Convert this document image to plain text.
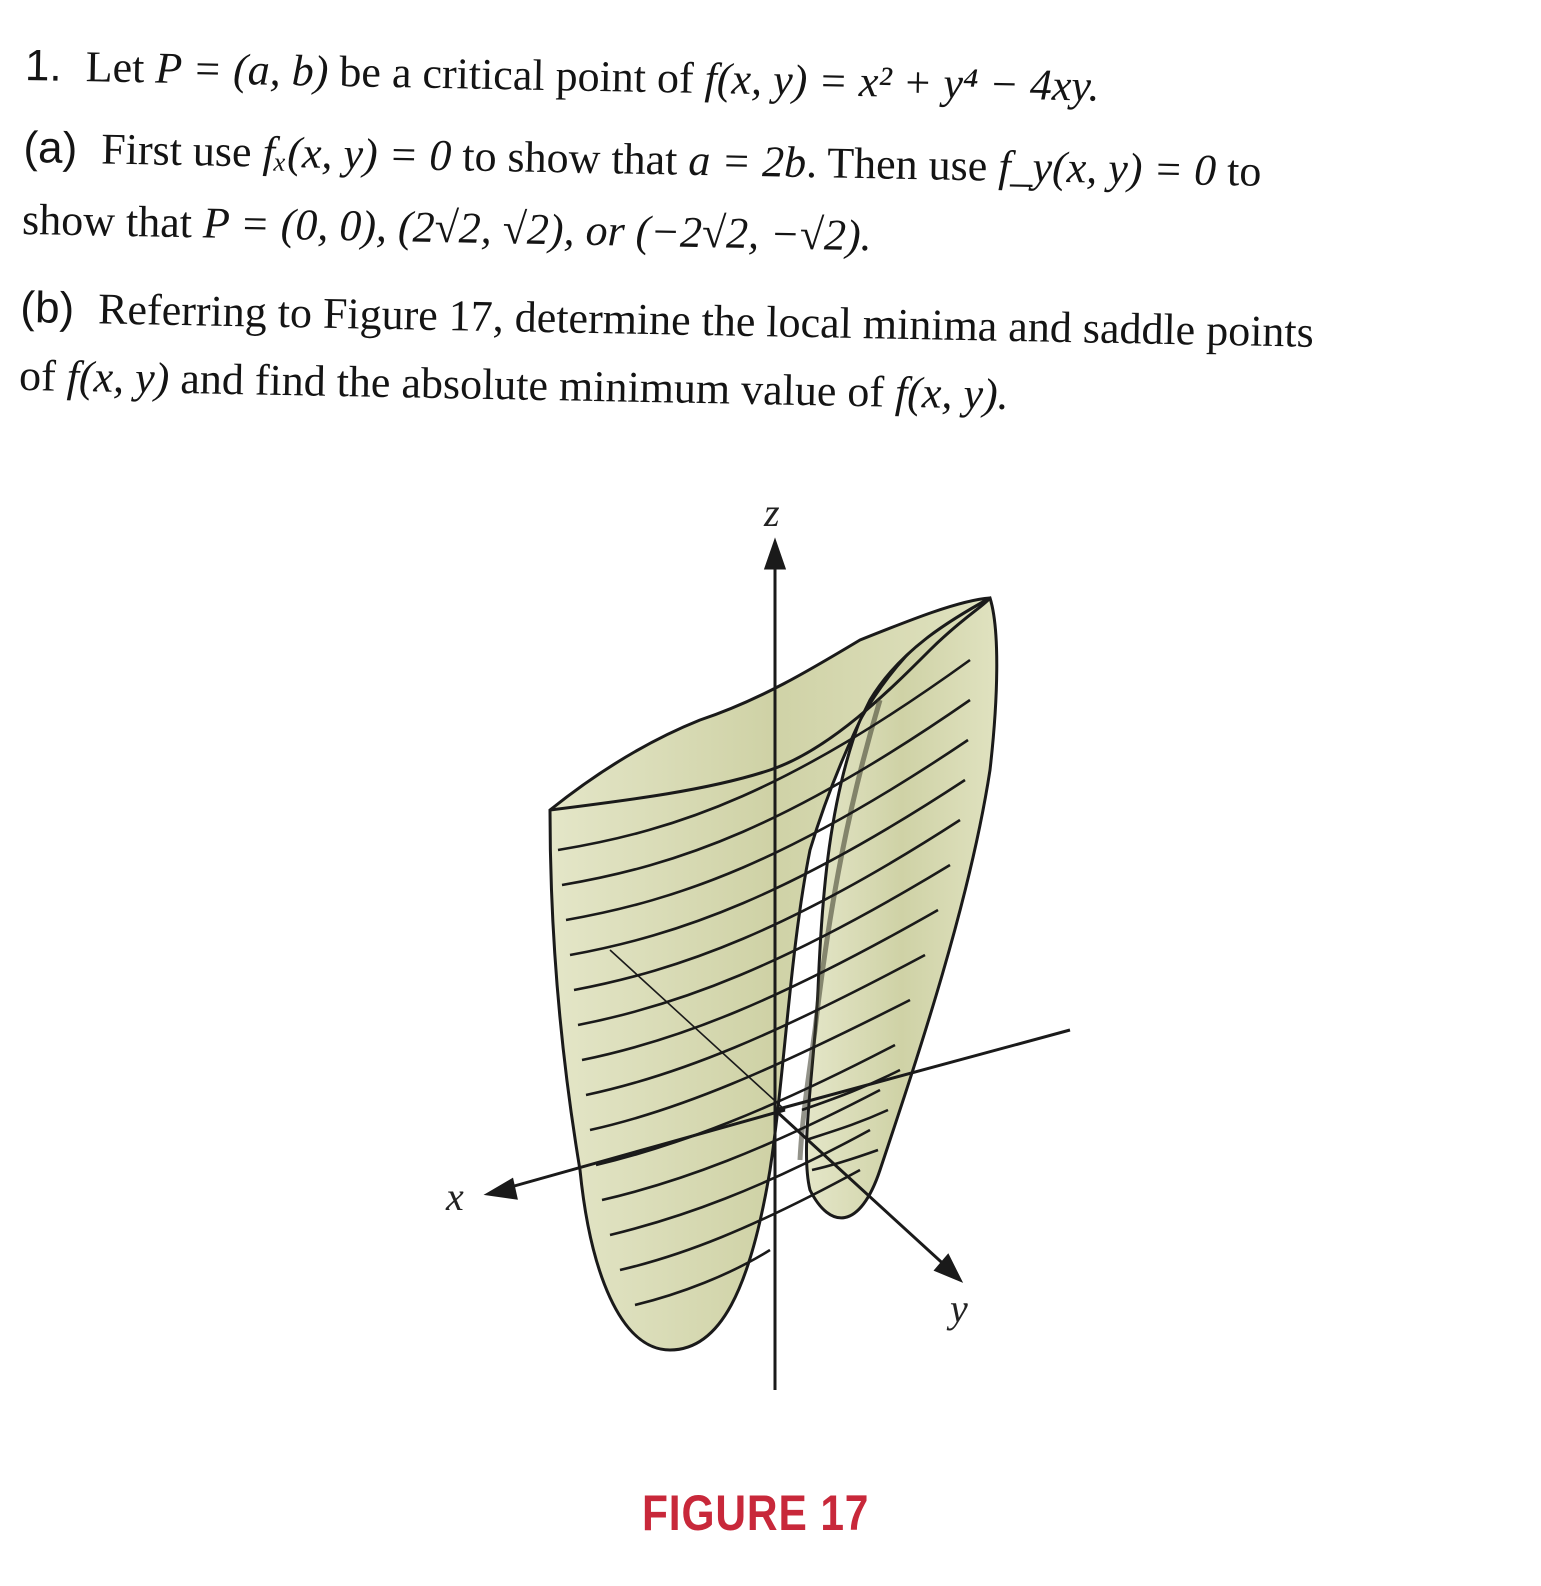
1. Let P = (a, b) be a critical point of f(x, y) = x² + y⁴ − 4xy.
(a) First use fₓ(x, y) = 0 to show that a = 2b. Then use f_y(x, y) = 0 to
show that P = (0, 0), (2√2, √2), or (−2√2, −√2).
(b) Referring to Figure 17, determine the local minima and saddle points
of f(x, y) and find the absolute minimum value of f(x, y).
z
x
y
FIGURE 17
